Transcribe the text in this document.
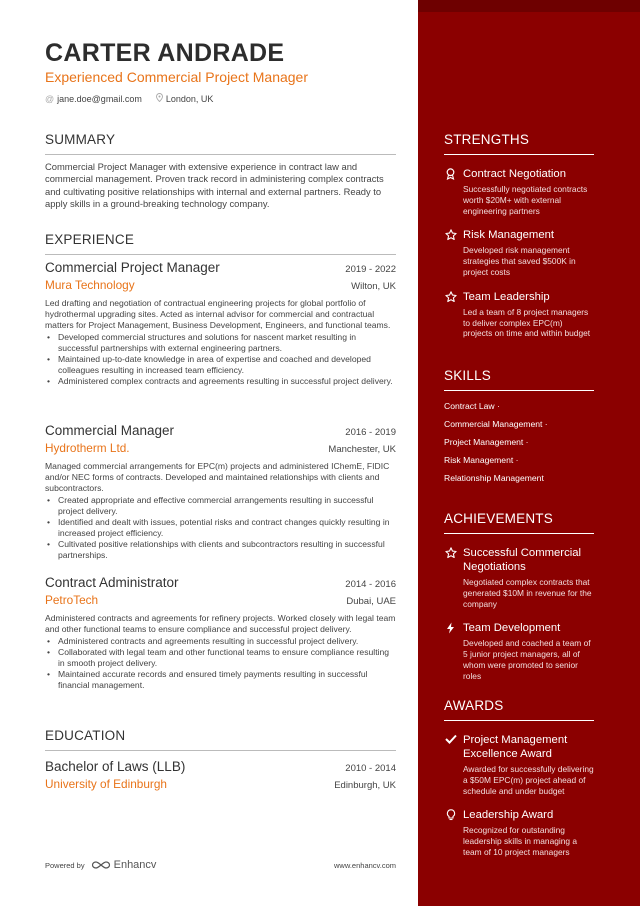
CARTER ANDRADE
Experienced Commercial Project Manager
@ jane.doe@gmail.com	London, UK
SUMMARY
Commercial Project Manager with extensive experience in contract law and commercial management. Proven track record in administering complex contracts and cultivating positive relationships with internal and external partners. Ready to apply skills in a ground-breaking technology company.
EXPERIENCE
Commercial Project Manager	2019 - 2022
Mura Technology	Wilton, UK
Led drafting and negotiation of contractual engineering projects for global portfolio of hydrothermal upgrading sites. Acted as internal advisor for commercial and contractual matters for Project Management, Business Development, Engineers, and functional teams.
• Developed commercial structures and solutions for nascent market resulting in successful partnerships with external engineering partners.
• Maintained up-to-date knowledge in area of expertise and coached and developed colleagues resulting in increased team efficiency.
• Administered complex contracts and agreements resulting in successful project delivery.
Commercial Manager	2016 - 2019
Hydrotherm Ltd.	Manchester, UK
Managed commercial arrangements for EPC(m) projects and administered IChemE, FIDIC and/or NEC forms of contracts. Developed and maintained relationships with clients and subcontractors.
• Created appropriate and effective commercial arrangements resulting in successful project delivery.
• Identified and dealt with issues, potential risks and contract changes quickly resulting in increased project efficiency.
• Cultivated positive relationships with clients and subcontractors resulting in successful partnerships.
Contract Administrator	2014 - 2016
PetroTech	Dubai, UAE
Administered contracts and agreements for refinery projects. Worked closely with legal team and other functional teams to ensure compliance and successful project delivery.
• Administered contracts and agreements resulting in successful project delivery.
• Collaborated with legal team and other functional teams to ensure compliance resulting in smooth project delivery.
• Maintained accurate records and ensured timely payments resulting in successful financial management.
EDUCATION
Bachelor of Laws (LLB)	2010 - 2014
University of Edinburgh	Edinburgh, UK
Powered by	Enhancv	www.enhancv.com
STRENGTHS
Contract Negotiation
Successfully negotiated contracts worth $20M+ with external engineering partners
Risk Management
Developed risk management strategies that saved $500K in project costs
Team Leadership
Led a team of 8 project managers to deliver complex EPC(m) projects on time and within budget
SKILLS
Contract Law ·
Commercial Management ·
Project Management ·
Risk Management ·
Relationship Management
ACHIEVEMENTS
Successful Commercial Negotiations
Negotiated complex contracts that generated $10M in revenue for the company
Team Development
Developed and coached a team of 5 junior project managers, all of whom were promoted to senior roles
AWARDS
Project Management Excellence Award
Awarded for successfully delivering a $50M EPC(m) project ahead of schedule and under budget
Leadership Award
Recognized for outstanding leadership skills in managing a team of 10 project managers
